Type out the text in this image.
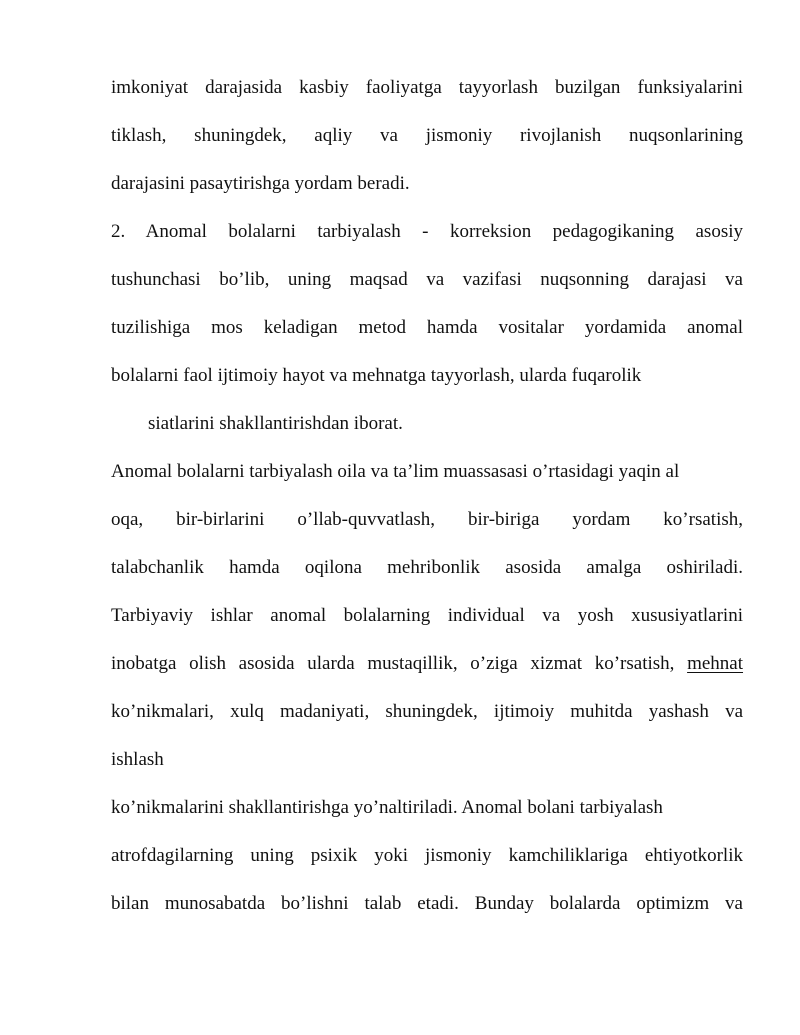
imkoniyat darajasida kasbiy faoliyatga tayyorlash buzilgan funksiyalarini
tiklash, shuningdek, aqliy va jismoniy rivojlanish nuqsonlarining
darajasini pasaytirishga yordam beradi.
2. Anomal bolalarni tarbiyalash - korreksion pedagogikaning asosiy
tushunchasi bo’lib, uning maqsad va vazifasi nuqsonning darajasi va
tuzilishiga mos keladigan metod hamda vositalar yordamida anomal
bolalarni faol ijtimoiy hayot va mehnatga tayyorlash, ularda fuqarolik
siatlarini shakllantirishdan iborat.
Anomal bolalarni tarbiyalash oila va ta’lim muassasasi o’rtasidagi yaqin al
oqa, bir-birlarini o’llab-quvvatlash, bir-biriga yordam ko’rsatish,
talabchanlik hamda oqilona mehribonlik asosida amalga oshiriladi.
Tarbiyaviy ishlar anomal bolalarning individual va yosh xususiyatlarini
inobatga olish asosida ularda mustaqillik, o’ziga xizmat ko’rsatish, mehnat
ko’nikmalari, xulq madaniyati, shuningdek, ijtimoiy muhitda yashash va
ishlash
ko’nikmalarini shakllantirishga yo’naltiriladi. Anomal bolani tarbiyalash
atrofdagilarning uning psixik yoki jismoniy kamchiliklariga ehtiyotkorlik
bilan munosabatda bo’lishni talab etadi. Bunday bolalarda optimizm va
